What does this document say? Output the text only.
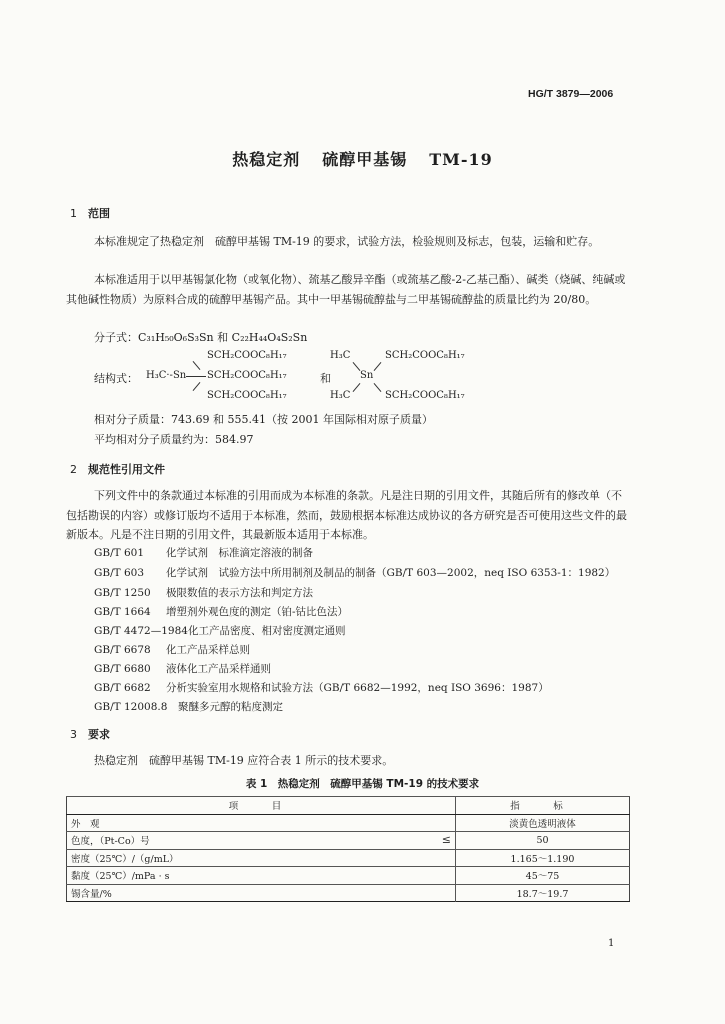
HG/T 3879—2006
热稳定剂 硫醇甲基锡 TM-19
1 范围
本标准规定了热稳定剂　硫醇甲基锡 TM-19 的要求，试验方法，检验规则及标志，包装，运输和贮存。
本标准适用于以甲基锡氯化物（或氧化物）、巯基乙酸异辛酯（或巯基乙酸-2-乙基己酯）、碱类（烧碱、纯碱或其他碱性物质）为原料合成的硫醇甲基锡产品。其中一甲基锡硫醇盐与二甲基锡硫醇盐的质量比约为 20/80。
分子式：C₃₁H₅₀O₆S₃Sn 和 C₂₂H₄₄O₄S₂Sn
结构式：
SCH₂COOC₈H₁₇
H₃C·-Sn SCH₂COOC₈H₁₇
SCH₂COOC₈H₁₇
和
H₃C
H₃C
Sn
SCH₂COOC₈H₁₇
SCH₂COOC₈H₁₇
相对分子质量：743.69 和 555.41（按 2001 年国际相对原子质量）
平均相对分子质量约为：584.97
2 规范性引用文件
下列文件中的条款通过本标准的引用而成为本标准的条款。凡是注日期的引用文件，其随后所有的修改单（不包括勘误的内容）或修订版均不适用于本标准，然而，鼓励根据本标准达成协议的各方研究是否可使用这些文件的最新版本。凡是不注日期的引用文件，其最新版本适用于本标准。
GB/T 601 化学试剂　标准滴定溶液的制备
GB/T 603 化学试剂　试验方法中所用制剂及制品的制备（GB/T 603—2002，neq ISO 6353-1：1982）
GB/T 1250 极限数值的表示方法和判定方法
GB/T 1664 增塑剂外观色度的测定（铂-钴比色法）
GB/T 4472—1984化工产品密度、相对密度测定通则
GB/T 6678 化工产品采样总则
GB/T 6680 液体化工产品采样通则
GB/T 6682 分析实验室用水规格和试验方法（GB/T 6682—1992，neq ISO 3696：1987）
GB/T 12008.8 聚醚多元醇的粘度测定
3 要求
热稳定剂　硫醇甲基锡 TM-19 应符合表 1 所示的技术要求。
表 1　热稳定剂　硫醇甲基锡 TM-19 的技术要求
项　目	指　标
外　观	淡黄色透明液体
色度，（Pt-Co）号 ≤	50
密度（25℃）/（g/mL）	1.165～1.190
黏度（25℃）/mPa · s	45～75
锡含量/%	18.7～19.7
1
